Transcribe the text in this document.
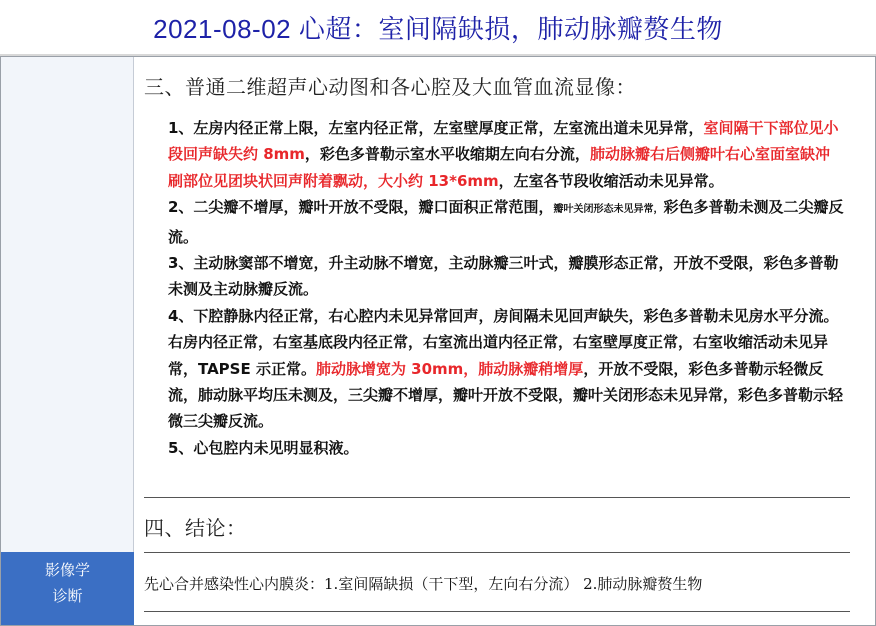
2021-08-02 心超：室间隔缺损，肺动脉瓣赘生物
影像学
诊断
三、普通二维超声心动图和各心腔及大血管血流显像：

1、左房内径正常上限，左室内径正常，左室壁厚度正常，左室流出道未见异常，室间隔干下部位见小段回声缺失约 8mm，彩色多普勒示室水平收缩期左向右分流，肺动脉瓣右后侧瓣叶右心室面室缺冲刷部位见团块状回声附着飘动，大小约 13*6mm，左室各节段收缩活动未见异常。

2、二尖瓣不增厚，瓣叶开放不受限，瓣口面积正常范围，瓣叶关闭形态未见异常，彩色多普勒未测及二尖瓣反流。

3、主动脉窦部不增宽，升主动脉不增宽，主动脉瓣三叶式，瓣膜形态正常，开放不受限，彩色多普勒未测及主动脉瓣反流。

4、下腔静脉内径正常，右心腔内未见异常回声，房间隔未见回声缺失，彩色多普勒未见房水平分流。右房内径正常，右室基底段内径正常，右室流出道内径正常，右室壁厚度正常，右室收缩活动未见异常，TAPSE 示正常。肺动脉增宽为 30mm，肺动脉瓣稍增厚，开放不受限，彩色多普勒示轻微反流，肺动脉平均压未测及，三尖瓣不增厚，瓣叶开放不受限，瓣叶关闭形态未见异常，彩色多普勒示轻微三尖瓣反流。

5、心包腔内未见明显积液。

四、结论：
先心合并感染性心内膜炎：1.室间隔缺损（干下型，左向右分流） 2.肺动脉瓣赘生物
